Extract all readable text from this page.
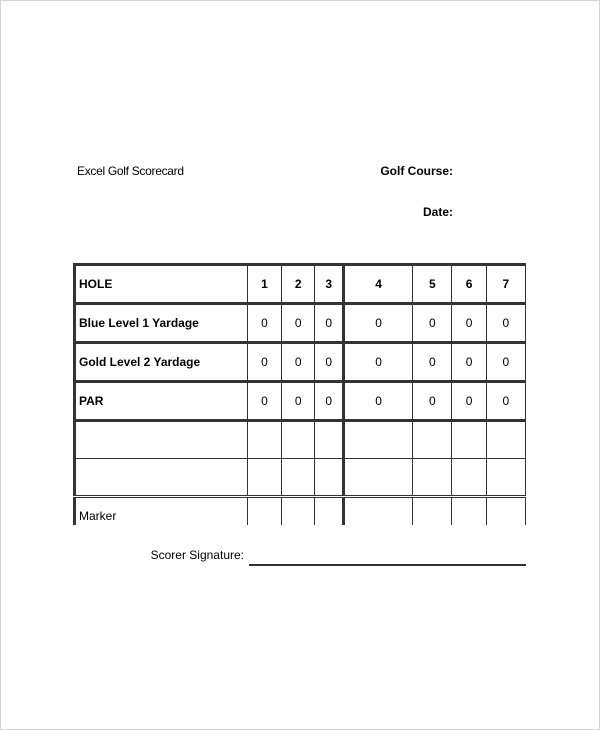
Excel Golf Scorecard	Golf Course:
Date:
HOLE	1	2	3	4	5	6	7
Blue Level 1 Yardage	0	0	0	0	0	0	0
Gold Level 2 Yardage	0	0	0	0	0	0	0
PAR	0	0	0	0	0	0	0

Marker							
Scorer Signature:
